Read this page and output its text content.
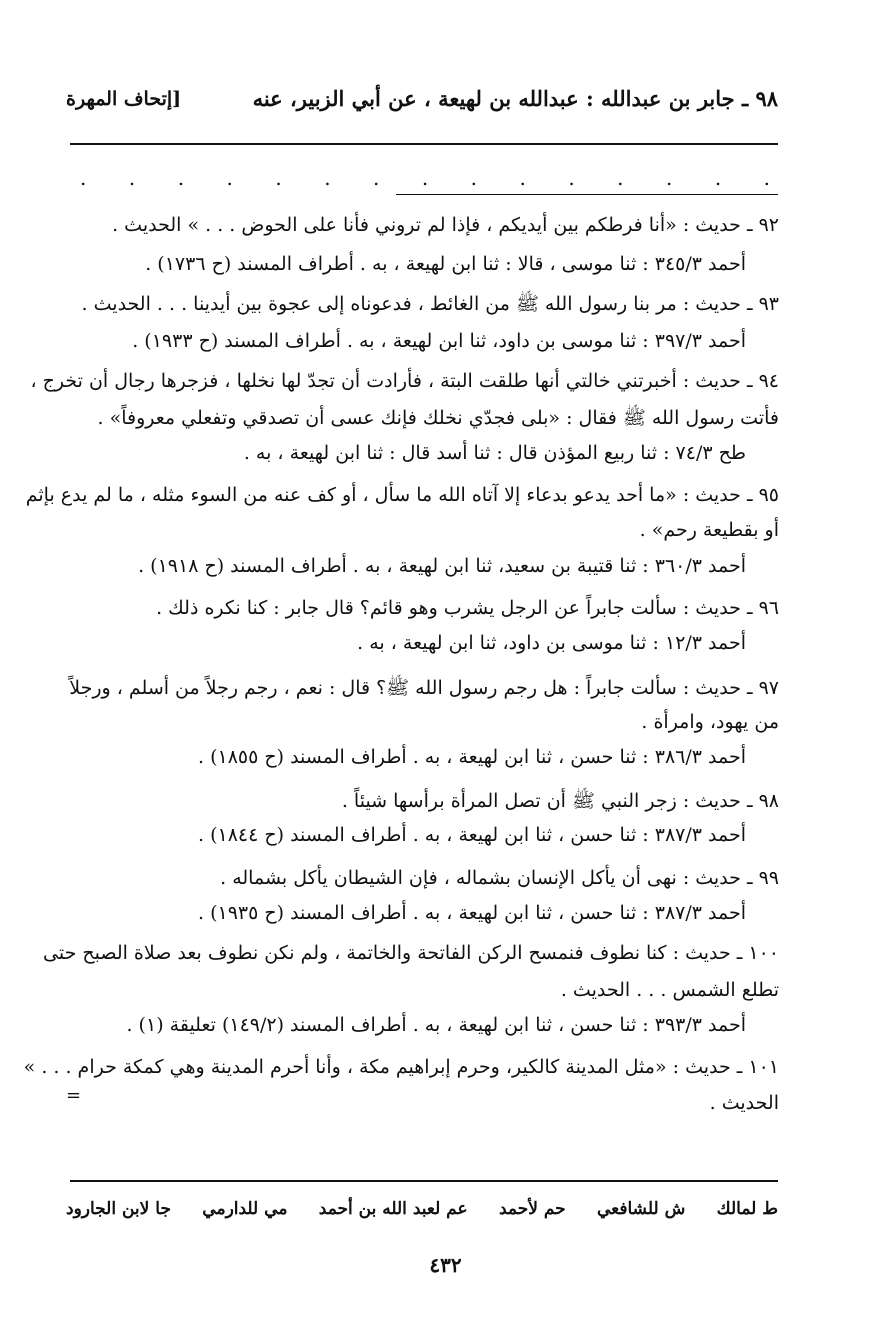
٩٨ ـ جابر بن عبدالله : عبدالله بن لهيعة ، عن أبي الزبير، عنه
[إتحاف المهرة
.
.
.
.
.
.
.
.
.
.
.
.
.
.
.
٩٢ ـ حديث : «أنا فرطكم بين أيديكم ، فإذا لم تروني فأنا على الحوض . . . » الحديث .
أحمد ٣٤٥/٣ : ثنا موسى ، قالا : ثنا ابن لهيعة ، به . أطراف المسند (ح ١٧٣٦) .
٩٣ ـ حديث : مر بنا رسول الله ﷺ من الغائط ، فدعوناه إلى عجوة بين أيدينا . . . الحديث .
أحمد ٣٩٧/٣ : ثنا موسى بن داود، ثنا ابن لهيعة ، به . أطراف المسند (ح ١٩٣٣) .
٩٤ ـ حديث : أخبرتني خالتي أنها طلقت البتة ، فأرادت أن تجدّ لها نخلها ، فزجرها رجال أن تخرج ،
فأتت رسول الله ﷺ فقال : «بلى فجدّي نخلك فإنك عسى أن تصدقي وتفعلي معروفاً» .
طح ٧٤/٣ : ثنا ربيع المؤذن قال : ثنا أسد قال : ثنا ابن لهيعة ، به .
٩٥ ـ حديث : «ما أحد يدعو بدعاء إلا آتاه الله ما سأل ، أو كف عنه من السوء مثله ، ما لم يدع بإثم
أو بقطيعة رحم» .
أحمد ٣٦٠/٣ : ثنا قتيبة بن سعيد، ثنا ابن لهيعة ، به . أطراف المسند (ح ١٩١٨) .
٩٦ ـ حديث : سألت جابراً عن الرجل يشرب وهو قائم؟ قال جابر : كنا نكره ذلك .
أحمد ١٢/٣ : ثنا موسى بن داود، ثنا ابن لهيعة ، به .
٩٧ ـ حديث : سألت جابراً : هل رجم رسول الله ﷺ؟ قال : نعم ، رجم رجلاً من أسلم ، ورجلاً
من يهود، وامرأة .
أحمد ٣٨٦/٣ : ثنا حسن ، ثنا ابن لهيعة ، به . أطراف المسند (ح ١٨٥٥) .
٩٨ ـ حديث : زجر النبي ﷺ أن تصل المرأة برأسها شيئاً .
أحمد ٣٨٧/٣ : ثنا حسن ، ثنا ابن لهيعة ، به . أطراف المسند (ح ١٨٤٤) .
٩٩ ـ حديث : نهى أن يأكل الإنسان بشماله ، فإن الشيطان يأكل بشماله .
أحمد ٣٨٧/٣ : ثنا حسن ، ثنا ابن لهيعة ، به . أطراف المسند (ح ١٩٣٥) .
١٠٠ ـ حديث : كنا نطوف فنمسح الركن الفاتحة والخاتمة ، ولم نكن نطوف بعد صلاة الصبح حتى
تطلع الشمس . . . الحديث .
أحمد ٣٩٣/٣ : ثنا حسن ، ثنا ابن لهيعة ، به . أطراف المسند (١٤٩/٢) تعليقة (١) .
١٠١ ـ حديث : «مثل المدينة كالكير، وحرم إبراهيم مكة ، وأنا أحرم المدينة وهي كمكة حرام . . . »
الحديث .
=
ط لمالك
ش للشافعي
حم لأحمد
عم لعبد الله بن أحمد
مي للدارمي
جا لابن الجارود
٤٣٢
